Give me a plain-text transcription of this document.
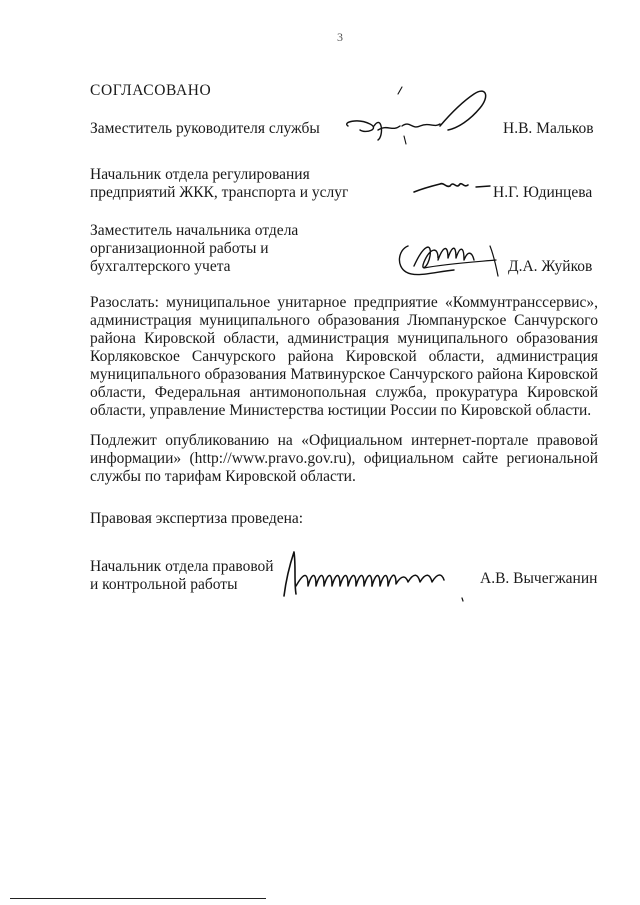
3
СОГЛАСОВАНО
Заместитель руководителя службы	Н.В. Мальков
Начальник отдела регулирования
предприятий ЖКК, транспорта и услуг	Н.Г. Юдинцева
Заместитель начальника отдела
организационной работы и
бухгалтерского учета	Д.А. Жуйков
Разослать: муниципальное унитарное предприятие «Коммунтранссервис», администрация муниципального образования Люмпанурское Санчурского района Кировской области, администрация муниципального образования Корляковское Санчурского района Кировской области, администрация муниципального образования Матвинурское Санчурского района Кировской области, Федеральная антимонопольная служба, прокуратура Кировской области, управление Министерства юстиции России по Кировской области.
Подлежит опубликованию на «Официальном интернет-портале правовой информации» (http://www.pravo.gov.ru), официальном сайте региональной службы по тарифам Кировской области.
Правовая экспертиза проведена:
Начальник отдела правовой
и контрольной работы	А.В. Вычегжанин
